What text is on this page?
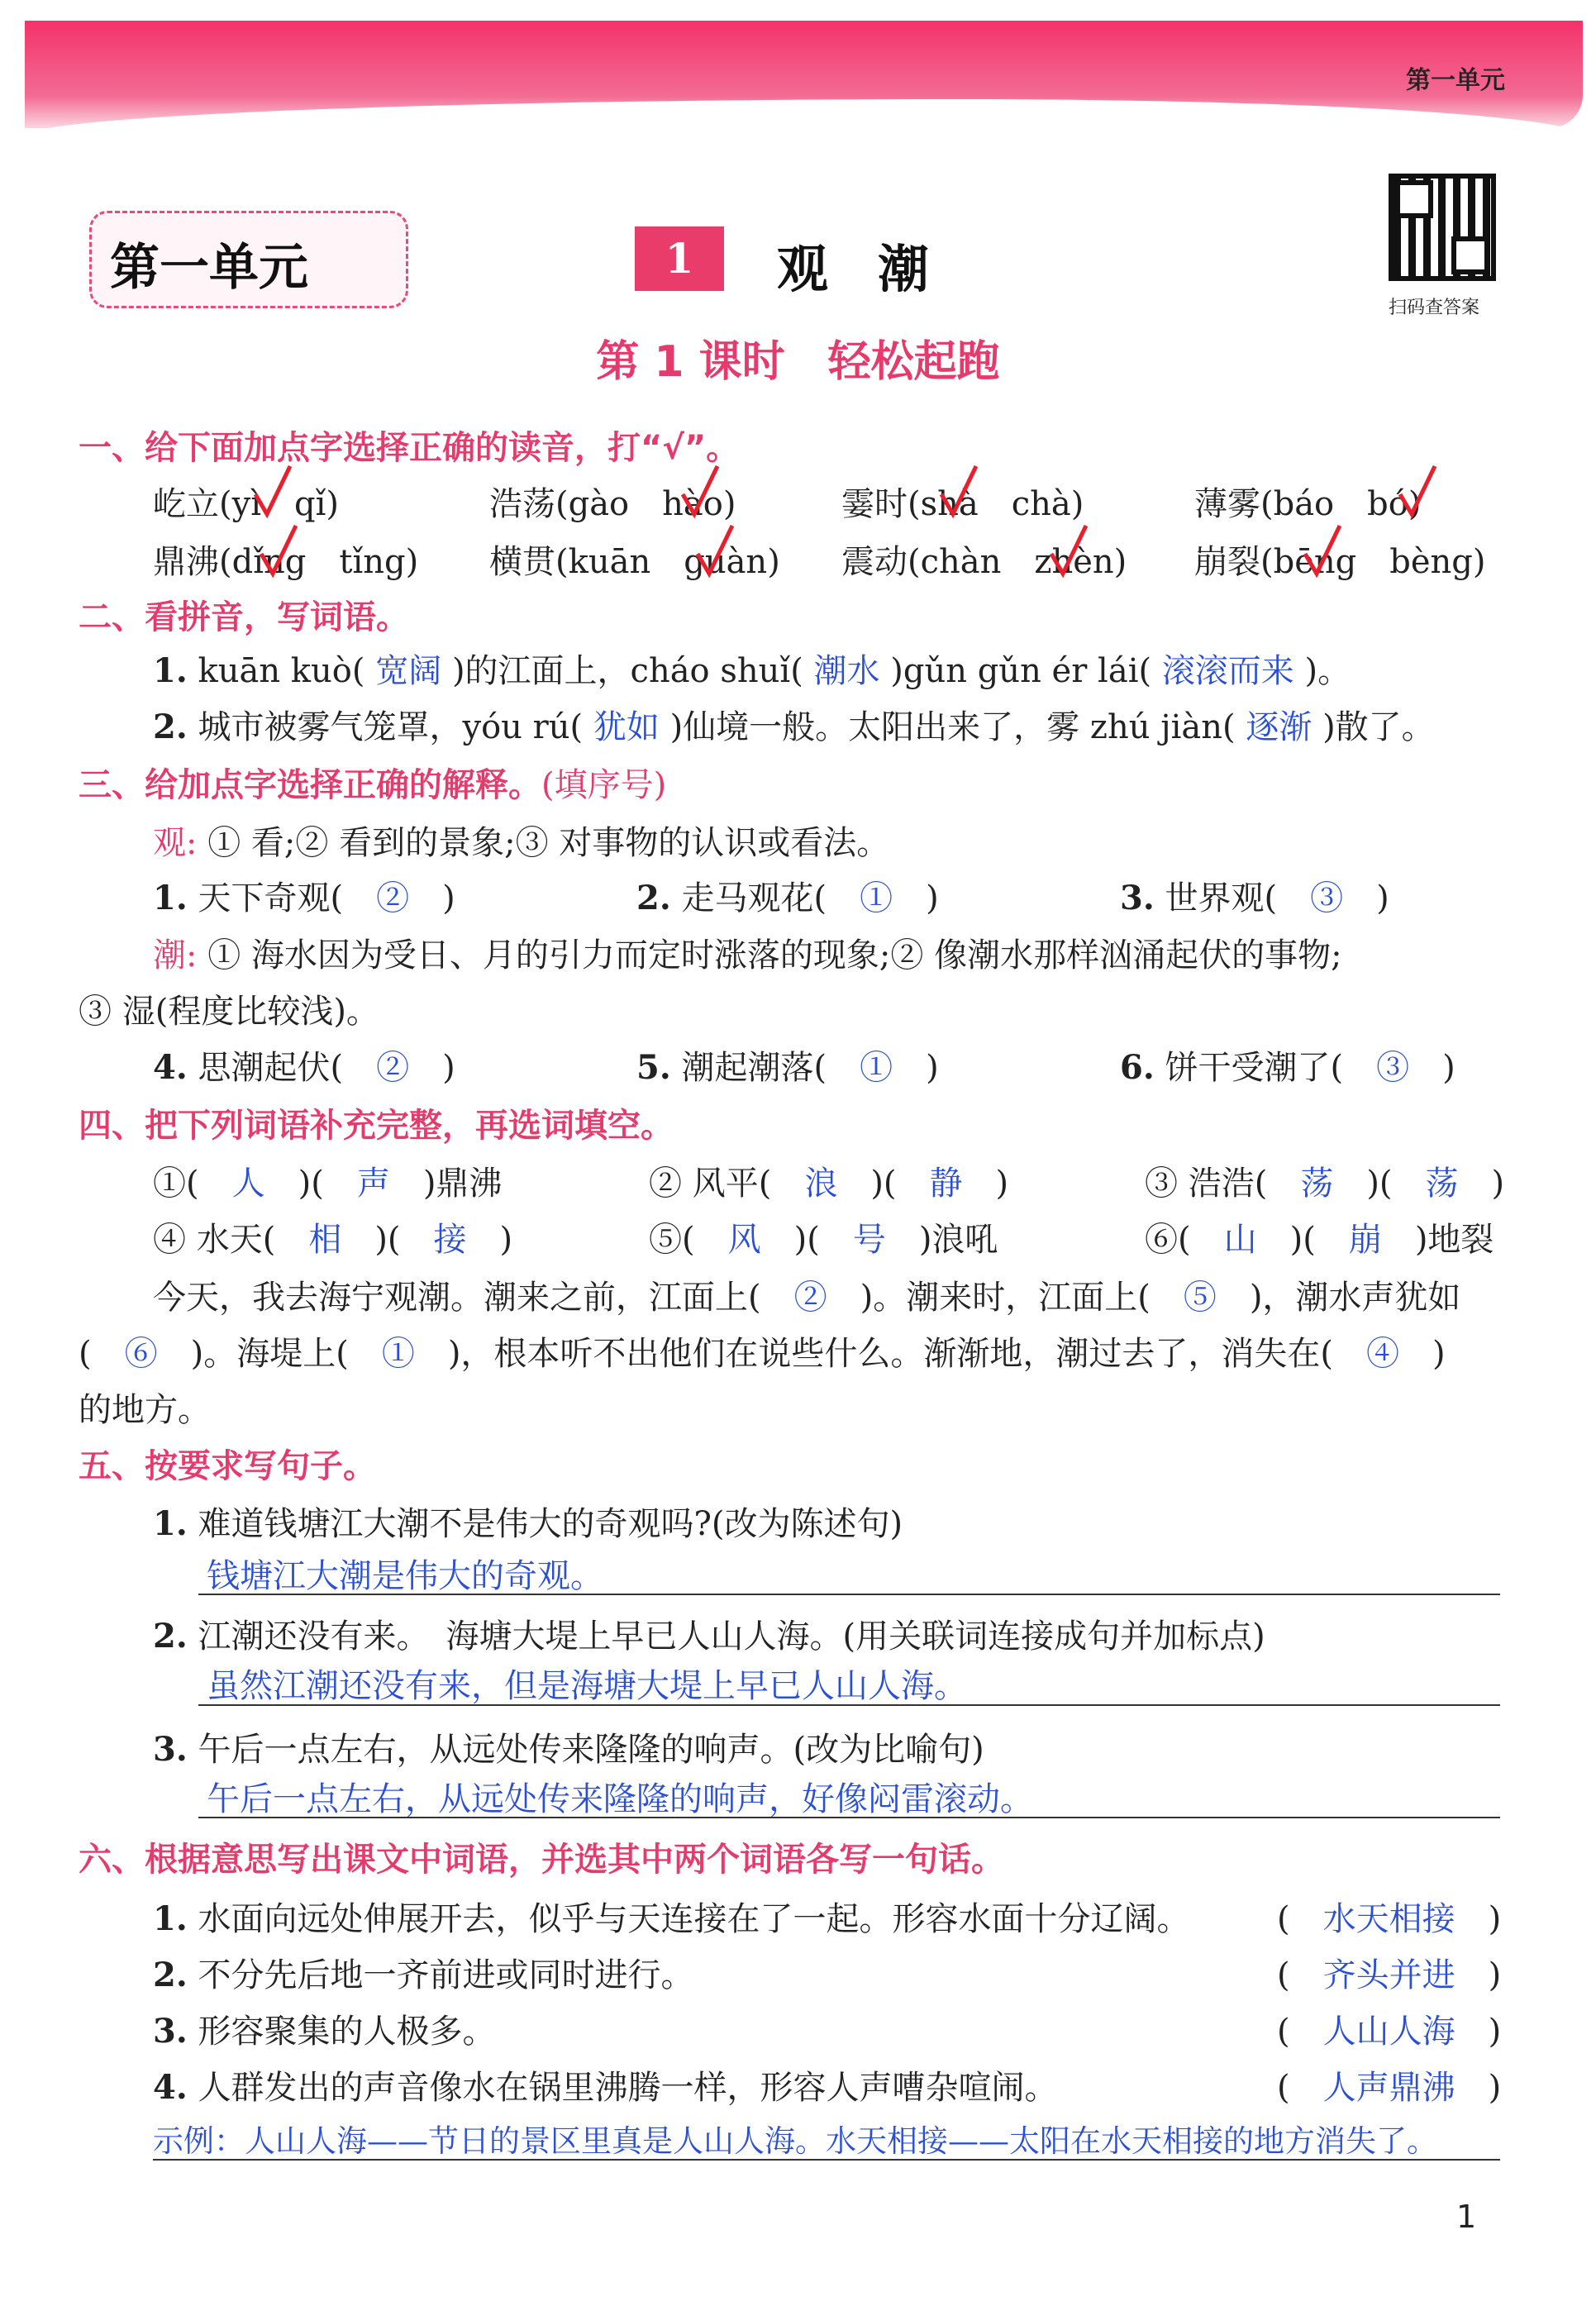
第一单元
第一单元	1	观潮
扫码查答案
第 1 课时　轻松起跑
一、给下面加点字选择正确的读音，打“√”。
屹立(yì　qǐ)	浩荡(gào　hào)	霎时(shà　chà)	薄雾(báo　bó)
鼎沸(dǐng　tǐng) 横贯(kuān　guàn) 震动(chàn　zhèn) 崩裂(bēng　bèng)
二、看拼音，写词语。
1. kuān kuò( 宽阔 )的江面上，cháo shuǐ( 潮水 )gǔn gǔn ér lái( 滚滚而来 )。
2. 城市被雾气笼罩，yóu rú( 犹如 )仙境一般。太阳出来了，雾 zhú jiàn( 逐渐 )散了。
三、给加点字选择正确的解释。(填序号)
观: ① 看;② 看到的景象;③ 对事物的认识或看法。
1. 天下奇观(　 ②　 )	2. 走马观花(　 ①　 )	3. 世界观(　 ③　 )
潮: ① 海水因为受日、月的引力而定时涨落的现象;② 像潮水那样汹涌起伏的事物;
③ 湿(程度比较浅)。
4. 思潮起伏(　 ②　 )	5. 潮起潮落(　 ①　 )	6. 饼干受潮了(　 ③　 )
四、把下列词语补充完整，再选词填空。
①(　 人　 )(　 声　 )鼎沸	② 风平(　 浪　 )(　 静　 )	③ 浩浩(　 荡　 )(　 荡　 )
④ 水天(　 相　 )(　 接　 )	⑤(　 风　 )(　 号　 )浪吼	⑥(　 山　 )(　 崩　 )地裂
今天，我去海宁观潮。潮来之前，江面上(　 ②　 )。潮来时，江面上(　 ⑤　 )，潮水声犹如
(　 ⑥　 )。海堤上(　 ①　 )，根本听不出他们在说些什么。渐渐地，潮过去了，消失在(　 ④　 )
的地方。
五、按要求写句子。
1. 难道钱塘江大潮不是伟大的奇观吗?(改为陈述句)
钱塘江大潮是伟大的奇观。
2. 江潮还没有来。　海塘大堤上早已人山人海。(用关联词连接成句并加标点)
虽然江潮还没有来，但是海塘大堤上早已人山人海。
3. 午后一点左右，从远处传来隆隆的响声。(改为比喻句)
午后一点左右，从远处传来隆隆的响声，好像闷雷滚动。
六、根据意思写出课文中词语，并选其中两个词语各写一句话。
1. 水面向远处伸展开去，似乎与天连接在了一起。形容水面十分辽阔。	(　水天相接　)
2. 不分先后地一齐前进或同时进行。	(　齐头并进　)
3. 形容聚集的人极多。	(　人山人海　)
4. 人群发出的声音像水在锅里沸腾一样，形容人声嘈杂喧闹。	(　人声鼎沸　)
示例：人山人海——节日的景区里真是人山人海。水天相接——太阳在水天相接的地方消失了。
1
